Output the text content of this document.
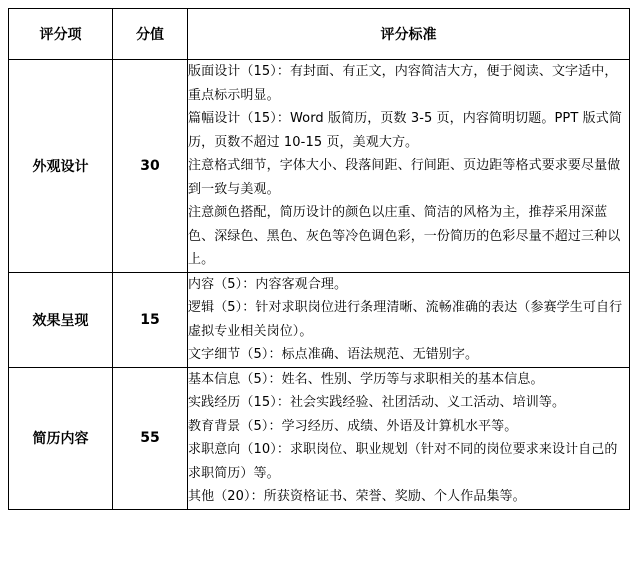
评分项	分值	评分标准
外观设计	30	版面设计（15）：有封面、有正文，内容简洁大方，便于阅读、文字适中，重点标示明显。

篇幅设计（15）：Word 版简历，页数 3-5 页，内容简明切题。PPT 版式简历，页数不超过 10-15 页，美观大方。

注意格式细节，字体大小、段落间距、行间距、页边距等格式要求要尽量做到一致与美观。

注意颜色搭配，简历设计的颜色以庄重、简洁的风格为主，推荐采用深蓝色、深绿色、黑色、灰色等冷色调色彩，一份简历的色彩尽量不超过三种以上。

效果呈现	15	内容（5）：内容客观合理。

逻辑（5）：针对求职岗位进行条理清晰、流畅准确的表达（参赛学生可自行虚拟专业相关岗位）。

文字细节（5）：标点准确、语法规范、无错别字。

简历内容	55	基本信息（5）：姓名、性别、学历等与求职相关的基本信息。

实践经历（15）：社会实践经验、社团活动、义工活动、培训等。

教育背景（5）：学习经历、成绩、外语及计算机水平等。

求职意向（10）：求职岗位、职业规划（针对不同的岗位要求来设计自己的求职简历）等。

其他（20）：所获资格证书、荣誉、奖励、个人作品集等。
